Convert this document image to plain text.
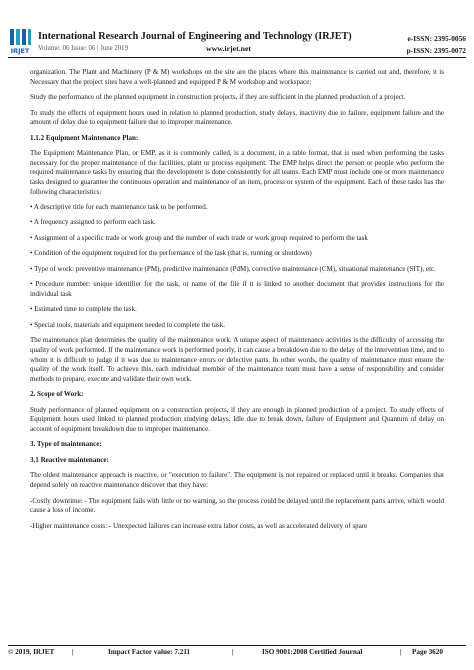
IRJET
International Research Journal of Engineering and Technology (IRJET)
Volume: 06 Issue: 06 | June 2019	www.irjet.net
e-ISSN: 2395-0056
p-ISSN: 2395-0072

organization. The Plant and Machinery (P & M) workshops on the site are the places where this maintenance is carried out and, therefore, it is Necessary that the project sites have a well-planned and equipped P & M workshop and workspace:

Study the performance of the planned equipment in construction projects, if they are sufficient in the planned production of a project.

To study the effects of equipment hours used in relation to planned production, study delays, inactivity due to failure, equipment failure and the amount of delay due to equipment failure due to improper maintenance.

1.1.2 Equipment Maintenance Plan:

The Equipment Maintenance Plan, or EMP, as it is commonly called, is a document, in a table format, that is used when performing the tasks necessary for the proper maintenance of the facilities, plant or process equipment. The EMP helps direct the person or people who perform the required maintenance tasks by ensuring that the development is done consistently for all teams. Each EMP must include one or more maintenance tasks designed to guarantee the continuous operation and maintenance of an item, process or system of the equipment. Each of these tasks has the following characteristics:

• A descriptive title for each maintenance task to be performed.

• A frequency assigned to perform each task.

• Assignment of a specific trade or work group and the number of each trade or work group required to perform the task

• Condition of the equipment required for the performance of the task (that is, running or shutdown)

• Type of work: preventive maintenance (PM), predictive maintenance (PdM), corrective maintenance (CM), situational maintenance (SIT), etc.

• Procedure number: unique identifier for the task, or name of the file if it is linked to another document that provides instructions for the individual task

• Estimated time to complete the task.

• Special tools, materials and equipment needed to complete the task.

The maintenance plan determines the quality of the maintenance work. A unique aspect of maintenance activities is the difficulty of accessing the quality of work performed. If the maintenance work is performed poorly, it can cause a breakdown due to the delay of the intervention time, and to whom it is difficult to judge if it was due to maintenance errors or defective parts. In other words, the quality of maintenance must ensure the quality of the work itself. To achieve this, each individual member of the maintenance team must have a sense of responsibility and consider methods to prepare, execute and validate their own work.

2. Scope of Work:

Study performance of planned equipment on a construction projects, if they are enough in planned production of a project. To study effects of Equipment hours used linked to planned production studying delays, Idle due to break down, failure of Equipment and Quantum of delay on account of equipment breakdown due to improper maintenance.

3. Type of maintenance:
3.1 Reactive maintenance:

The oldest maintenance approach is reactive, or "execution to failure". The equipment is not repaired or replaced until it breaks. Companies that depend solely on reactive maintenance discover that they have:

-Costly downtime: - The equipment fails with little or no warning, so the process could be delayed until the replacement parts arrive, which would cause a loss of income.

-Higher maintenance costs: - Unexpected failures can increase extra labor costs, as well as accelerated delivery of spare

© 2019, IRJET |	Impact Factor value: 7.211	|	ISO 9001:2008 Certified Journal	| Page 3620
